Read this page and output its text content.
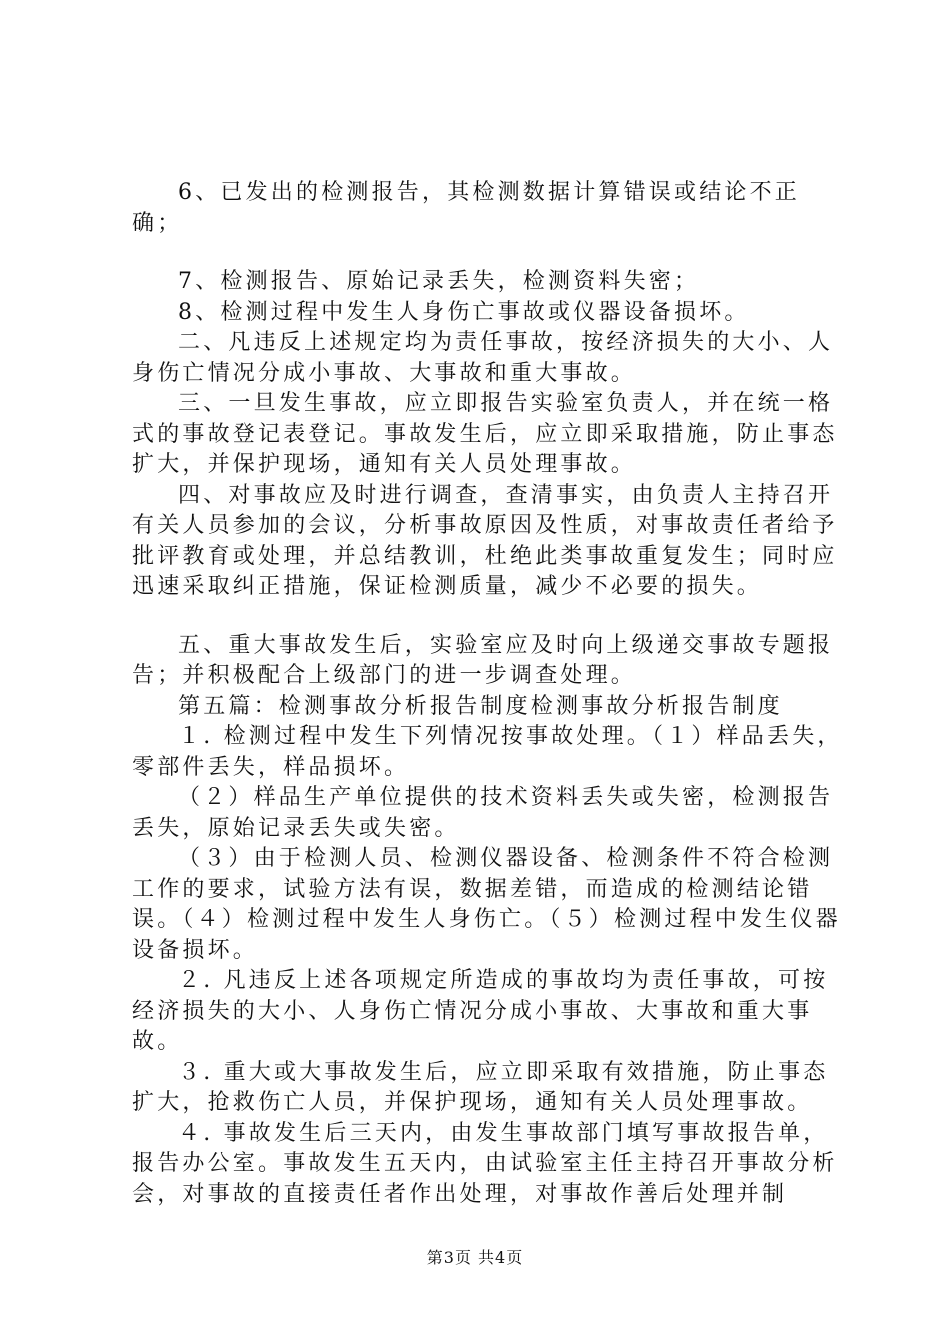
6、已发出的检测报告，其检测数据计算错误或结论不正确；

7、检测报告、原始记录丢失，检测资料失密；

8、检测过程中发生人身伤亡事故或仪器设备损坏。

二、凡违反上述规定均为责任事故，按经济损失的大小、人身伤亡情况分成小事故、大事故和重大事故。

三、一旦发生事故，应立即报告实验室负责人，并在统一格式的事故登记表登记。事故发生后，应立即采取措施，防止事态扩大，并保护现场，通知有关人员处理事故。

四、对事故应及时进行调查，查清事实，由负责人主持召开有关人员参加的会议，分析事故原因及性质，对事故责任者给予批评教育或处理，并总结教训，杜绝此类事故重复发生；同时应迅速采取纠正措施，保证检测质量，减少不必要的损失。

五、重大事故发生后，实验室应及时向上级递交事故专题报告；并积极配合上级部门的进一步调查处理。

第五篇：检测事故分析报告制度检测事故分析报告制度

１. 检测过程中发生下列情况按事故处理。（１）样品丢失，零部件丢失，样品损坏。

（２）样品生产单位提供的技术资料丢失或失密，检测报告丢失，原始记录丢失或失密。

（３）由于检测人员、检测仪器设备、检测条件不符合检测工作的要求，试验方法有误，数据差错，而造成的检测结论错误。（４）检测过程中发生人身伤亡。（５）检测过程中发生仪器设备损坏。

２. 凡违反上述各项规定所造成的事故均为责任事故，可按经济损失的大小、人身伤亡情况分成小事故、大事故和重大事故。

３. 重大或大事故发生后，应立即采取有效措施，防止事态扩大，抢救伤亡人员，并保护现场，通知有关人员处理事故。

４. 事故发生后三天内，由发生事故部门填写事故报告单，报告办公室。事故发生五天内，由试验室主任主持召开事故分析会，对事故的直接责任者作出处理，对事故作善后处理并制

第3页 共4页
